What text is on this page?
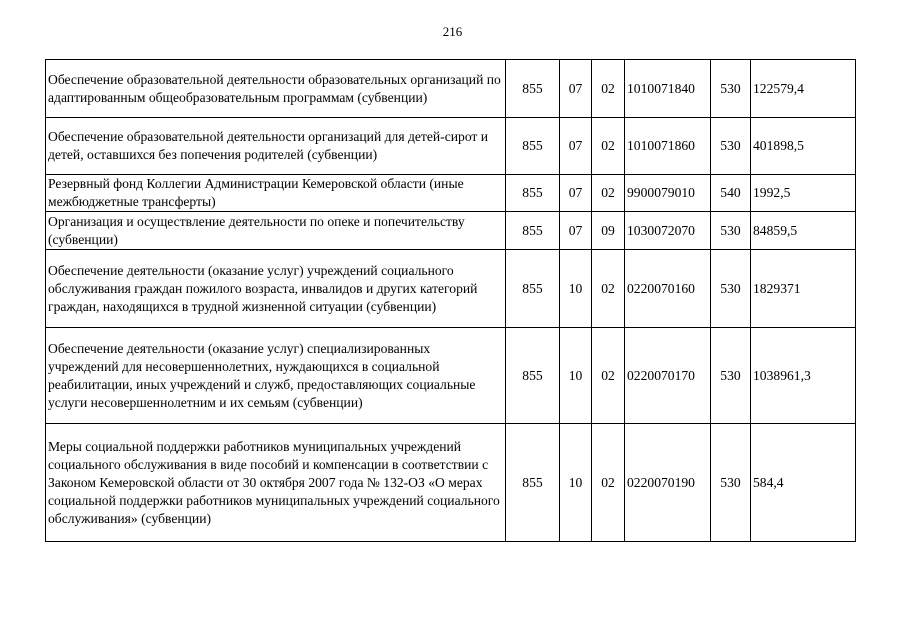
216
Обеспечение образовательной деятельности образовательных организаций по адаптированным общеобразовательным программам (субвенции)	855	07	02	1010071840	530	122579,4
Обеспечение образовательной деятельности организаций для детей-сирот и детей, оставшихся без попечения родителей (субвенции)	855	07	02	1010071860	530	401898,5
Резервный фонд Коллегии Администрации Кемеровской области (иные межбюджетные трансферты)	855	07	02	9900079010	540	1992,5
Организация и осуществление деятельности по опеке и попечительству (субвенции)	855	07	09	1030072070	530	84859,5
Обеспечение деятельности (оказание услуг) учреждений социального обслуживания граждан пожилого возраста, инвалидов и других категорий граждан, находящихся в трудной жизненной ситуации (субвенции)	855	10	02	0220070160	530	1829371
Обеспечение деятельности (оказание услуг) специализированных учреждений для несовершеннолетних, нуждающихся в социальной реабилитации, иных учреждений и служб, предоставляющих социальные услуги несовершеннолетним и их семьям (субвенции)	855	10	02	0220070170	530	1038961,3
Меры социальной поддержки работников муниципальных учреждений социального обслуживания в виде пособий и компенсации в соответствии с Законом Кемеровской области от 30 октября 2007 года № 132-ОЗ «О мерах социальной поддержки работников муниципальных учреждений социального обслуживания» (субвенции)	855	10	02	0220070190	530	584,4
